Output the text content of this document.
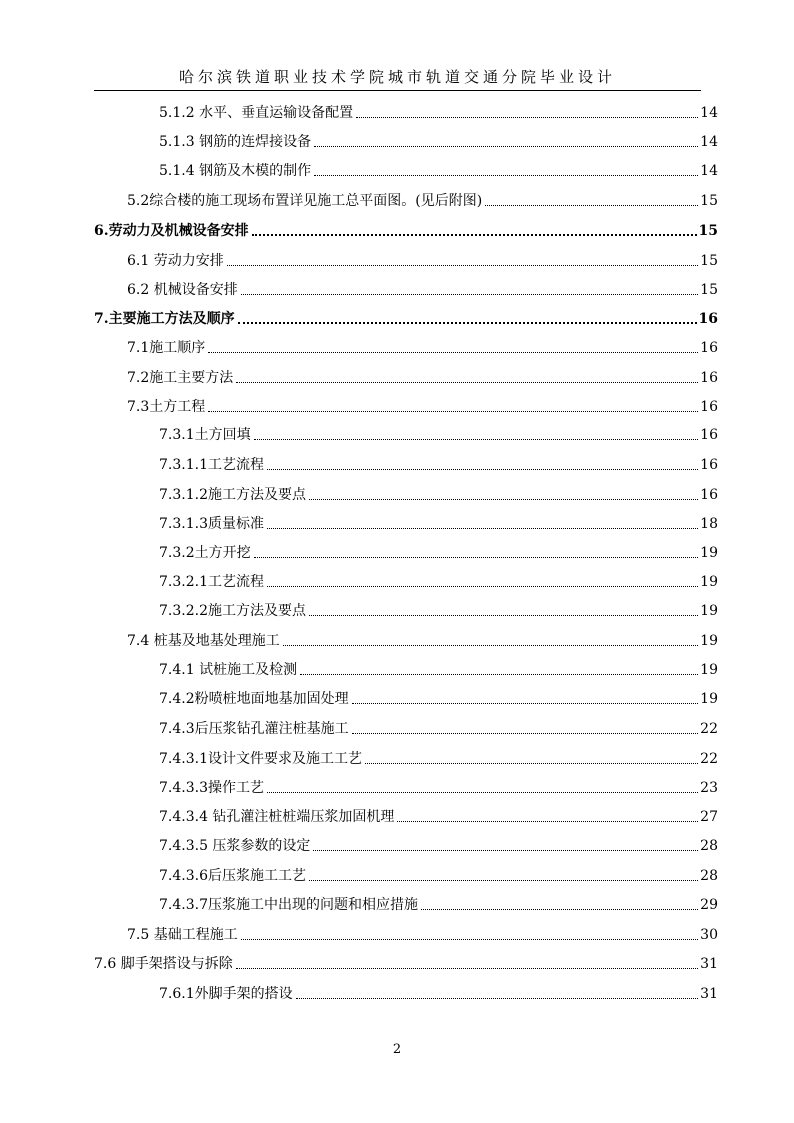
哈尔滨铁道职业技术学院城市轨道交通分院毕业设计
5.1.2 水平、垂直运输设备配置	14
5.1.3 钢筋的连焊接设备	14
5.1.4 钢筋及木模的制作	14
5.2综合楼的施工现场布置详见施工总平面图。(见后附图)	15
6.劳动力及机械设备安排	15
6.1 劳动力安排	15
6.2 机械设备安排	15
7.主要施工方法及顺序	16
7.1施工顺序	16
7.2施工主要方法	16
7.3土方工程	16
7.3.1土方回填	16
7.3.1.1工艺流程	16
7.3.1.2施工方法及要点	16
7.3.1.3质量标准	18
7.3.2土方开挖	19
7.3.2.1工艺流程	19
7.3.2.2施工方法及要点	19
7.4 桩基及地基处理施工	19
7.4.1 试桩施工及检测	19
7.4.2粉喷桩地面地基加固处理	19
7.4.3后压浆钻孔灌注桩基施工	22
7.4.3.1设计文件要求及施工工艺	22
7.4.3.3操作工艺	23
7.4.3.4 钻孔灌注桩桩端压浆加固机理	27
7.4.3.5 压浆参数的设定	28
7.4.3.6后压浆施工工艺	28
7.4.3.7压浆施工中出现的问题和相应措施	29
7.5 基础工程施工	30
7.6 脚手架搭设与拆除	31
7.6.1外脚手架的搭设	31
2
